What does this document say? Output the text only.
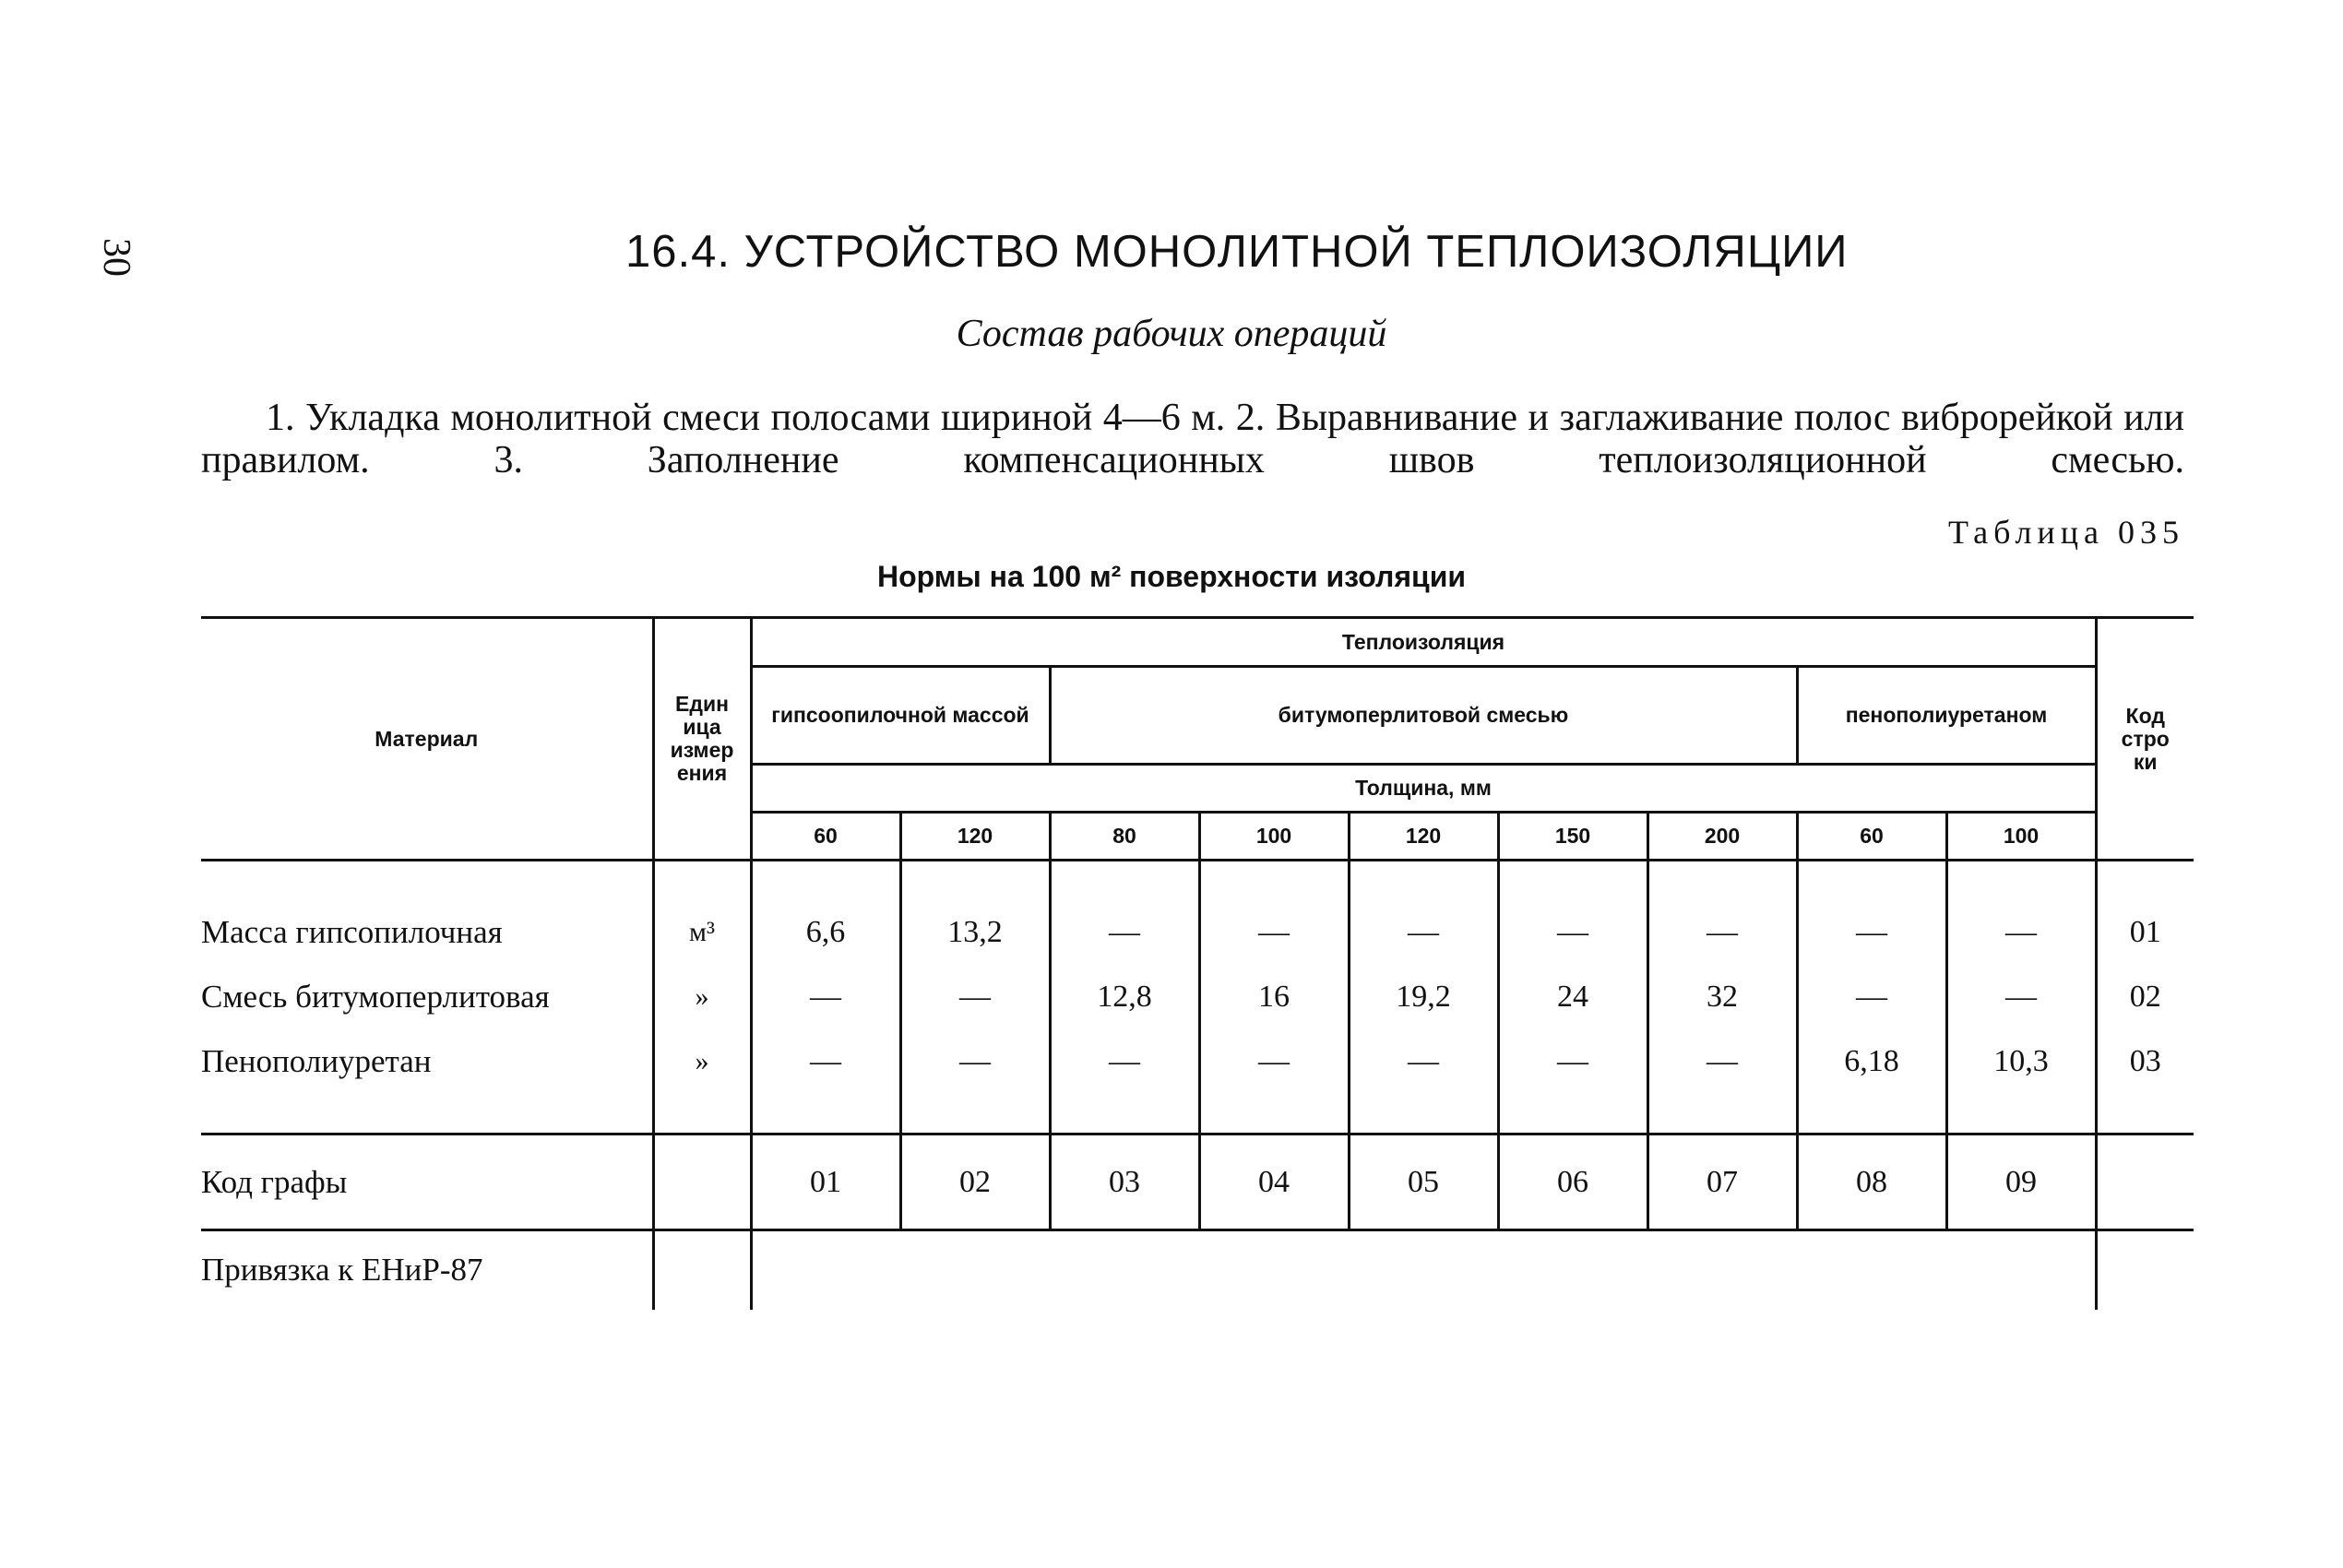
30	16.4. УСТРОЙСТВО МОНОЛИТНОЙ ТЕПЛОИЗОЛЯЦИИ
Состав рабочих операций
1. Укладка монолитной смеси полосами шириной 4—6 м. 2. Выравнивание и заглаживание полос виброрейкой или правилом. 3. Заполнение компенсационных швов теплоизоляционной смесью.
Таблица 035
Нормы на 100 м² поверхности изоляции
Материал	Единица измерения	Теплоизоляция									Код строки

		гипсоопилочной массой		битумоперлитовой смесью					пенополиуретаном		
		Толщина, мм									
		60	120	80	100	120	150	200	60	100	

Масса гипсопилочная	м³	6,6	13,2	—	—	—	—	—	—	—	01
Смесь битумоперлитовая	»	—	—	12,8	16	19,2	24	32	—	—	02
Пенополиуретан	»	—	—	—	—	—	—	—	6,18	10,3	03

Код графы		01	02	03	04	05	06	07	08	09	
Привязка к ЕНиР-87											
